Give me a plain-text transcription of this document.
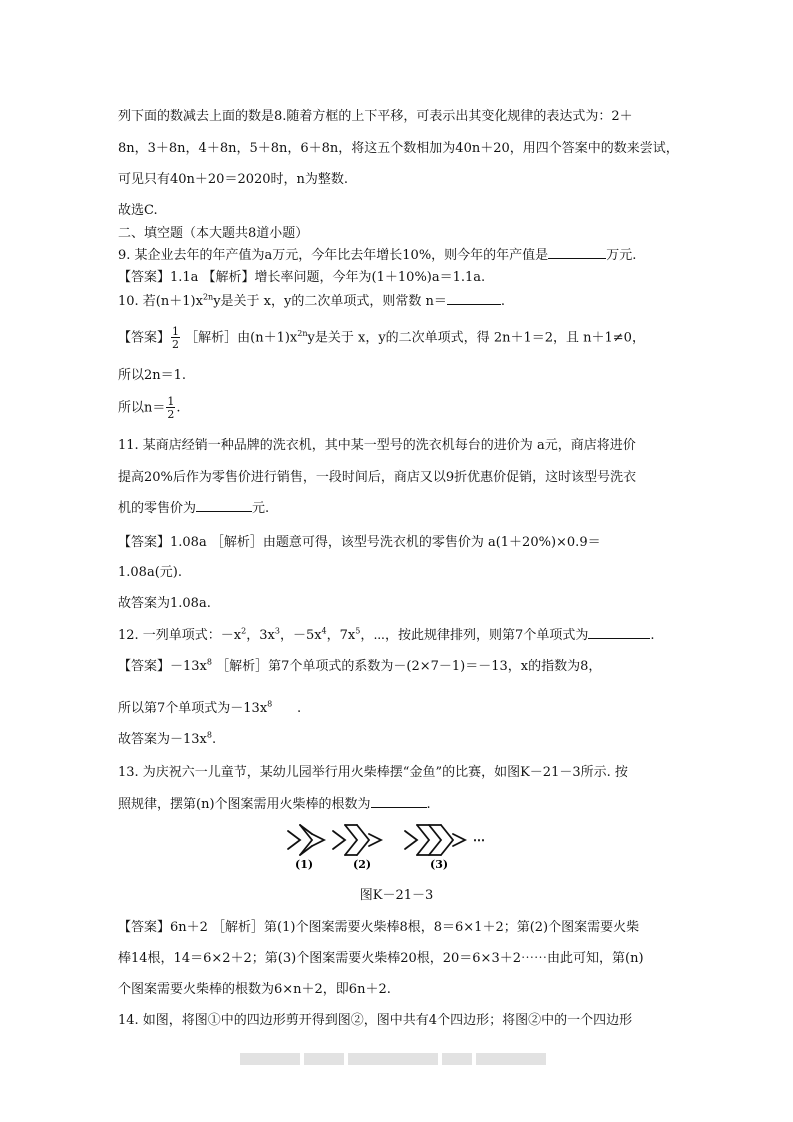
列下面的数减去上面的数是8.随着方框的上下平移，可表示出其变化规律的表达式为：2＋
8n，3＋8n，4＋8n，5＋8n，6＋8n，将这五个数相加为40n＋20，用四个答案中的数来尝试，
可见只有40n＋20＝2020时，n为整数.
故选C.
二、填空题（本大题共8道小题）
9. 某企业去年的年产值为a万元，今年比去年增长10%，则今年的年产值是	万元.
【答案】1.1a 【解析】增长率问题，今年为(1＋10%)a＝1.1a.
10. 若$(n+1)x^{2n}y$是关于 x，y的二次单项式，则常数 n＝	.
【答案】 $\frac{1}{2}$ ［解析］由$(n+1)x^{2n}y$是关于 x，y的二次单项式，得 2n＋1＝2，且 n＋1≠0，
所以2n＝1.
所以$n= \frac{1}{2}$ .
11. 某商店经销一种品牌的洗衣机，其中某一型号的洗衣机每台的进价为 a元，商店将进价
提高20%后作为零售价进行销售，一段时间后，商店又以9折优惠价促销，这时该型号洗衣
机的零售价为	元.
【答案】1.08a ［解析］由题意可得，该型号洗衣机的零售价为 a(1＋20%)×0.9＝
1.08a(元).
故答案为1.08a.
12. 一列单项式：$-x^2$，$3x^3$，$-5x^4$，$7x^5$，⋯，按此规律排列，则第7个单项式为	.
【答案】$-13x^8$ ［解析］第7个单项式的系数为－(2×7－1)＝－13，x的指数为8，
所以第7个单项式为$-13x^8$      .
故答案为$-13x^8$.
13. 为庆祝六一儿童节，某幼儿园举行用火柴棒摆“金鱼”的比赛，如图K－21－3所示. 按
照规律，摆第(n)个图案需用火柴棒的根数为	.
⋯
(1)	(2)	(3)
图K－21－3
【答案】6n＋2 ［解析］第(1)个图案需要火柴棒8根，8＝6×1＋2；第(2)个图案需要火柴
棒14根，14＝6×2＋2；第(3)个图案需要火柴棒20根，20＝6×3＋2⋯⋯由此可知，第(n)
个图案需要火柴棒的根数为6×n＋2，即6n＋2.
14. 如图，将图①中的四边形剪开得到图②，图中共有4个四边形；将图②中的一个四边形
